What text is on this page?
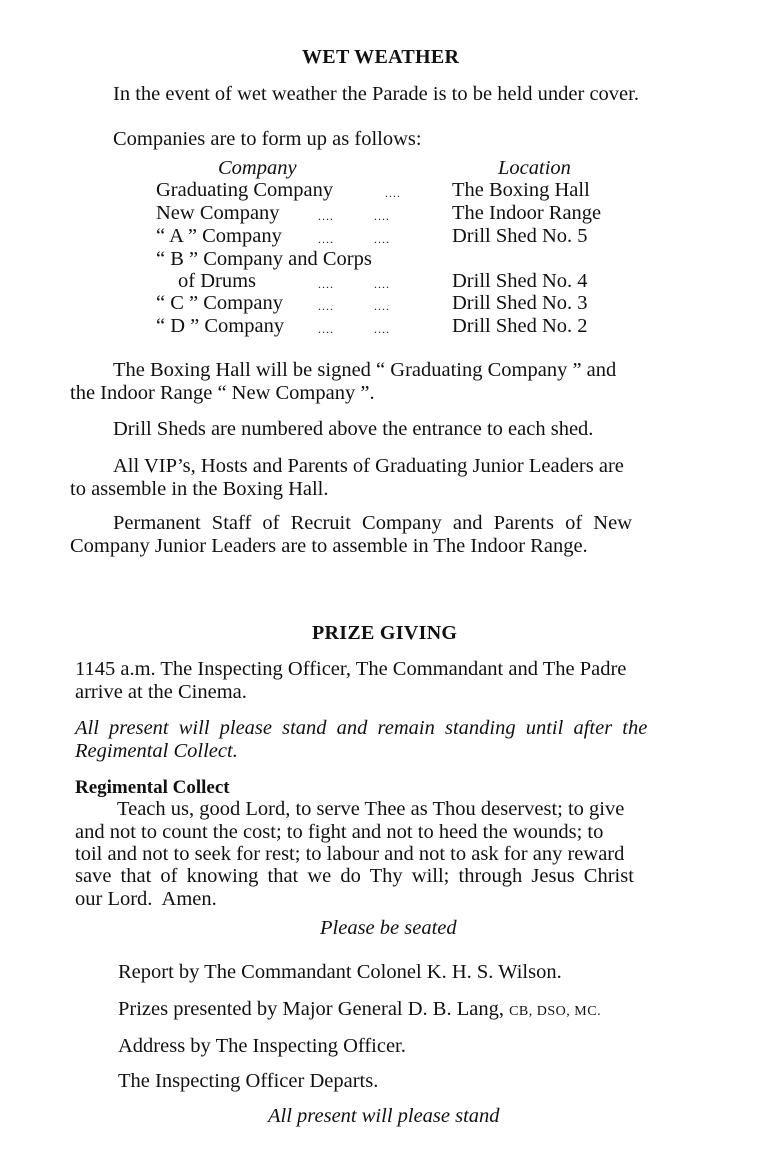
WET WEATHER
In the event of wet weather the Parade is to be held under cover.
Companies are to form up as follows:
Company	Location
Graduating Company	.... The Boxing Hall
New Company	....          ....	The Indoor Range
“ A ” Company	....          ....	Drill Shed No. 5
“ B ” Company and Corps
of Drums	....          ....	Drill Shed No. 4
“ C ” Company	....          ....	Drill Shed No. 3
“ D ” Company	....          ....	Drill Shed No. 2
The Boxing Hall will be signed “ Graduating Company ” and

the Indoor Range “ New Company ”.
Drill Sheds are numbered above the entrance to each shed.
All VIP’s, Hosts and Parents of Graduating Junior Leaders are
to assemble in the Boxing Hall.
Permanent Staff of Recruit Company and Parents of New
Company Junior Leaders are to assemble in The Indoor Range.
PRIZE GIVING
1145 a.m. The Inspecting Officer, The Commandant and The Padre
arrive at the Cinema.
All present will please stand and remain standing until after the
Regimental Collect.
Regimental Collect
Teach us, good Lord, to serve Thee as Thou deservest; to give
and not to count the cost; to fight and not to heed the wounds; to
toil and not to seek for rest; to labour and not to ask for any reward
save that of knowing that we do Thy will; through Jesus Christ
our Lord.  Amen.
Please be seated
Report by The Commandant Colonel K. H. S. Wilson.
Prizes presented by Major General D. B. Lang, CB, DSO, MC.
Address by The Inspecting Officer.
The Inspecting Officer Departs.
All present will please stand
